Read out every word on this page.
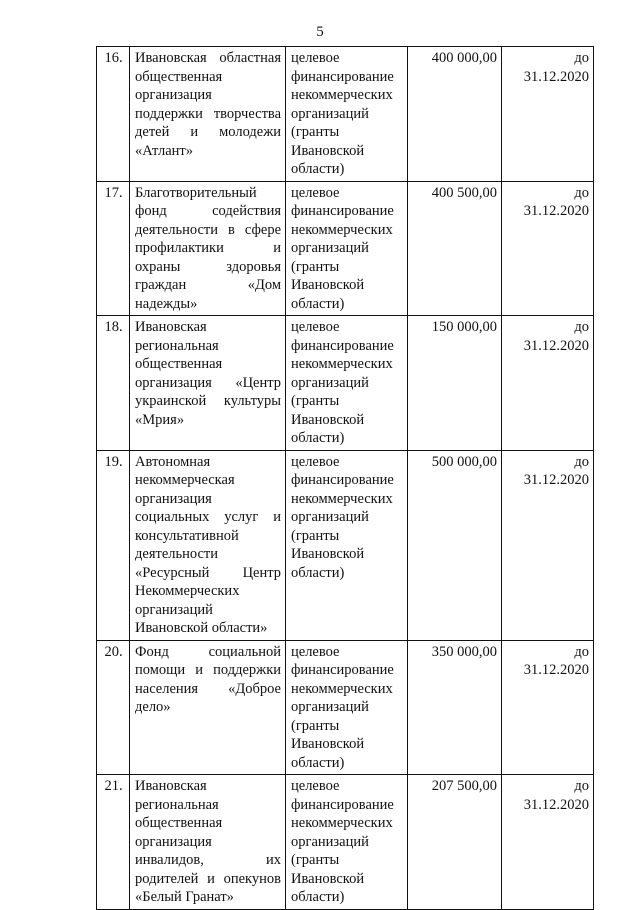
5
16.	Ивановская областная общественная организация поддержки творчества детей и молодежи «Атлант»	целевое финансирование некоммерческих организаций (гранты Ивановской области)	400 000,00	до 31.12.2020
17.	Благотворительный фонд содействия деятельности в сфере профилактики и охраны здоровья граждан «Дом надежды»	целевое финансирование некоммерческих организаций (гранты Ивановской области)	400 500,00	до 31.12.2020
18.	Ивановская региональная общественная организация «Центр украинской культуры «Мрия»	целевое финансирование некоммерческих организаций (гранты Ивановской области)	150 000,00	до 31.12.2020
19.	Автономная некоммерческая организация социальных услуг и консультативной деятельности «Ресурсный Центр Некоммерческих организаций Ивановской области»	целевое финансирование некоммерческих организаций (гранты Ивановской области)	500 000,00	до 31.12.2020
20.	Фонд социальной помощи и поддержки населения «Доброе дело»	целевое финансирование некоммерческих организаций (гранты Ивановской области)	350 000,00	до 31.12.2020
21.	Ивановская региональная общественная организация инвалидов, их родителей и опекунов «Белый Гранат»	целевое финансирование некоммерческих организаций (гранты Ивановской области)	207 500,00	до 31.12.2020
